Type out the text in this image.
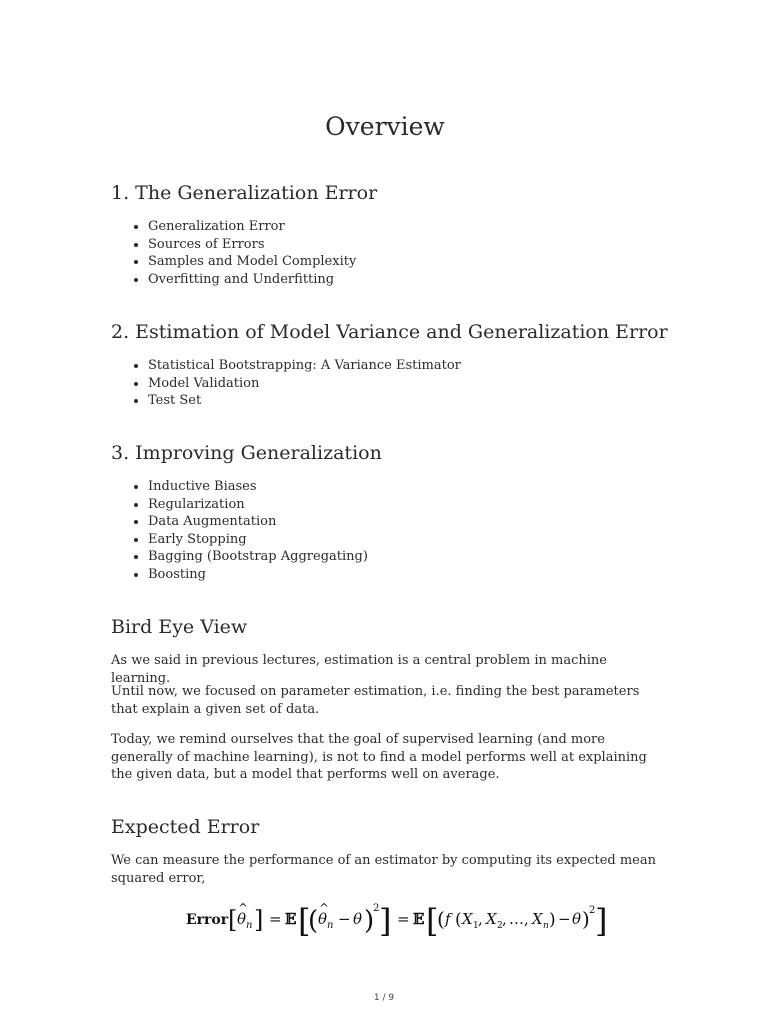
Overview
1. The Generalization Error
• Generalization Error
• Sources of Errors
• Samples and Model Complexity
• Overfitting and Underfitting
2. Estimation of Model Variance and Generalization Error
• Statistical Bootstrapping: A Variance Estimator
• Model Validation
• Test Set
3. Improving Generalization
• Inductive Biases
• Regularization
• Data Augmentation
• Early Stopping
• Bagging (Bootstrap Aggregating)
• Boosting
Bird Eye View

As we said in previous lectures, estimation is a central problem in machine learning.

Until now, we focused on parameter estimation, i.e. finding the best parameters that explain a given set of data.

Today, we remind ourselves that the goal of supervised learning (and more generally of machine learning), is not to find a model performs well at explaining the given data, but a model that performs well on average.

Expected Error

We can measure the performance of an estimator by computing its expected mean squared error,

Error [ θ
^
n ] = 𝔼 [
( θ
^
n − θ )
2 ] = 𝔼 [
( f ( X 1 , X 2 , … , X n ) − θ ) 2 ]
1 / 9
